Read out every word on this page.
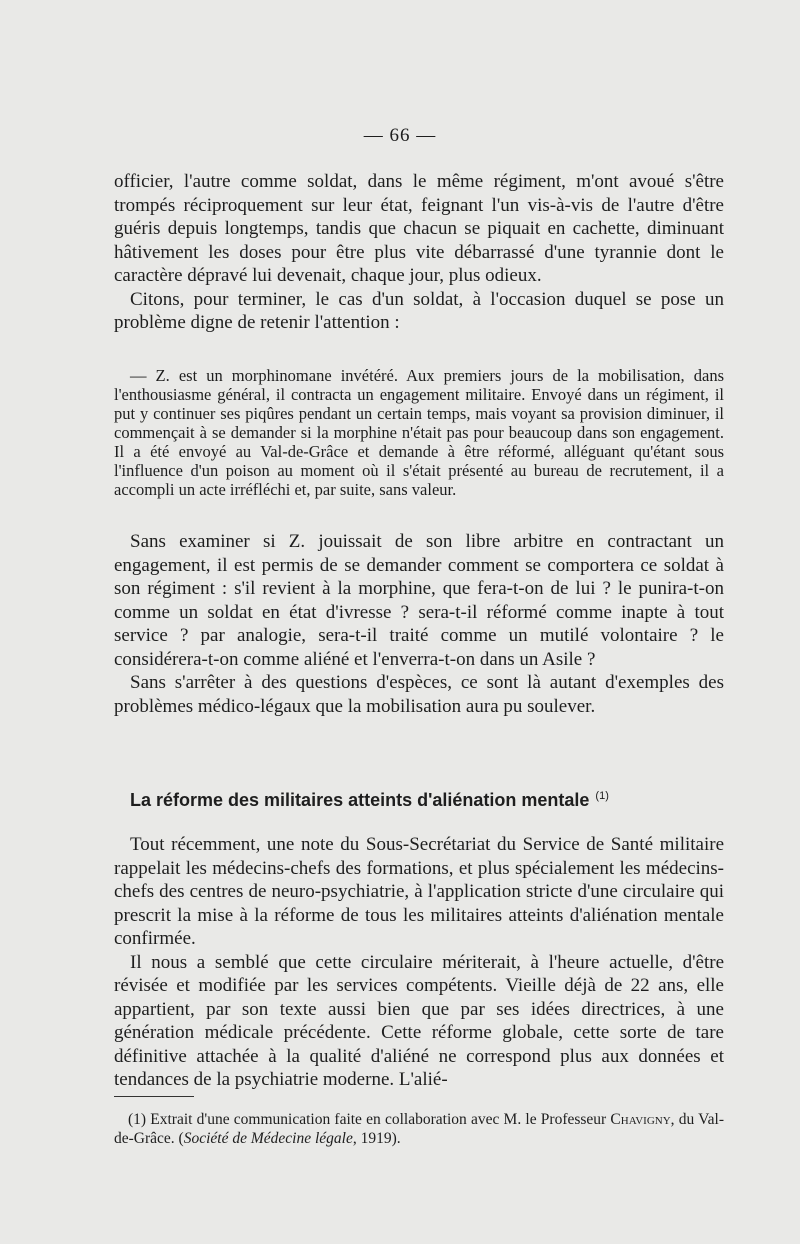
— 66 —

officier, l'autre comme soldat, dans le même régiment, m'ont avoué s'être trompés réciproquement sur leur état, feignant l'un vis-à-vis de l'autre d'être guéris depuis longtemps, tandis que chacun se piquait en cachette, diminuant hâtivement les doses pour être plus vite débarrassé d'une tyrannie dont le caractère dépravé lui devenait, chaque jour, plus odieux.

Citons, pour terminer, le cas d'un soldat, à l'occasion duquel se pose un problème digne de retenir l'attention :

— Z. est un morphinomane invétéré. Aux premiers jours de la mobilisation, dans l'enthousiasme général, il contracta un engagement militaire. Envoyé dans un régiment, il put y continuer ses piqûres pendant un certain temps, mais voyant sa provision diminuer, il commençait à se demander si la morphine n'était pas pour beaucoup dans son engagement. Il a été envoyé au Val-de-Grâce et demande à être réformé, alléguant qu'étant sous l'influence d'un poison au moment où il s'était présenté au bureau de recrutement, il a accompli un acte irréfléchi et, par suite, sans valeur.

Sans examiner si Z. jouissait de son libre arbitre en contractant un engagement, il est permis de se demander comment se comportera ce soldat à son régiment : s'il revient à la morphine, que fera-t-on de lui ? le punira-t-on comme un soldat en état d'ivresse ? sera-t-il réformé comme inapte à tout service ? par analogie, sera-t-il traité comme un mutilé volontaire ? le considérera-t-on comme aliéné et l'enverra-t-on dans un Asile ?

Sans s'arrêter à des questions d'espèces, ce sont là autant d'exemples des problèmes médico-légaux que la mobilisation aura pu soulever.

La réforme des militaires atteints d'aliénation mentale $^{(1)}$

Tout récemment, une note du Sous-Secrétariat du Service de Santé militaire rappelait les médecins-chefs des formations, et plus spécialement les médecins-chefs des centres de neuro-psychiatrie, à l'application stricte d'une circulaire qui prescrit la mise à la réforme de tous les militaires atteints d'aliénation mentale confirmée.

Il nous a semblé que cette circulaire mériterait, à l'heure actuelle, d'être révisée et modifiée par les services compétents. Vieille déjà de 22 ans, elle appartient, par son texte aussi bien que par ses idées directrices, à une génération médicale précédente. Cette réforme globale, cette sorte de tare définitive attachée à la qualité d'aliéné ne correspond plus aux données et tendances de la psychiatrie moderne. L'alié-

(1) Extrait d'une communication faite en collaboration avec M. le Professeur Chavigny, du Val-de-Grâce. (Société de Médecine légale, 1919).
